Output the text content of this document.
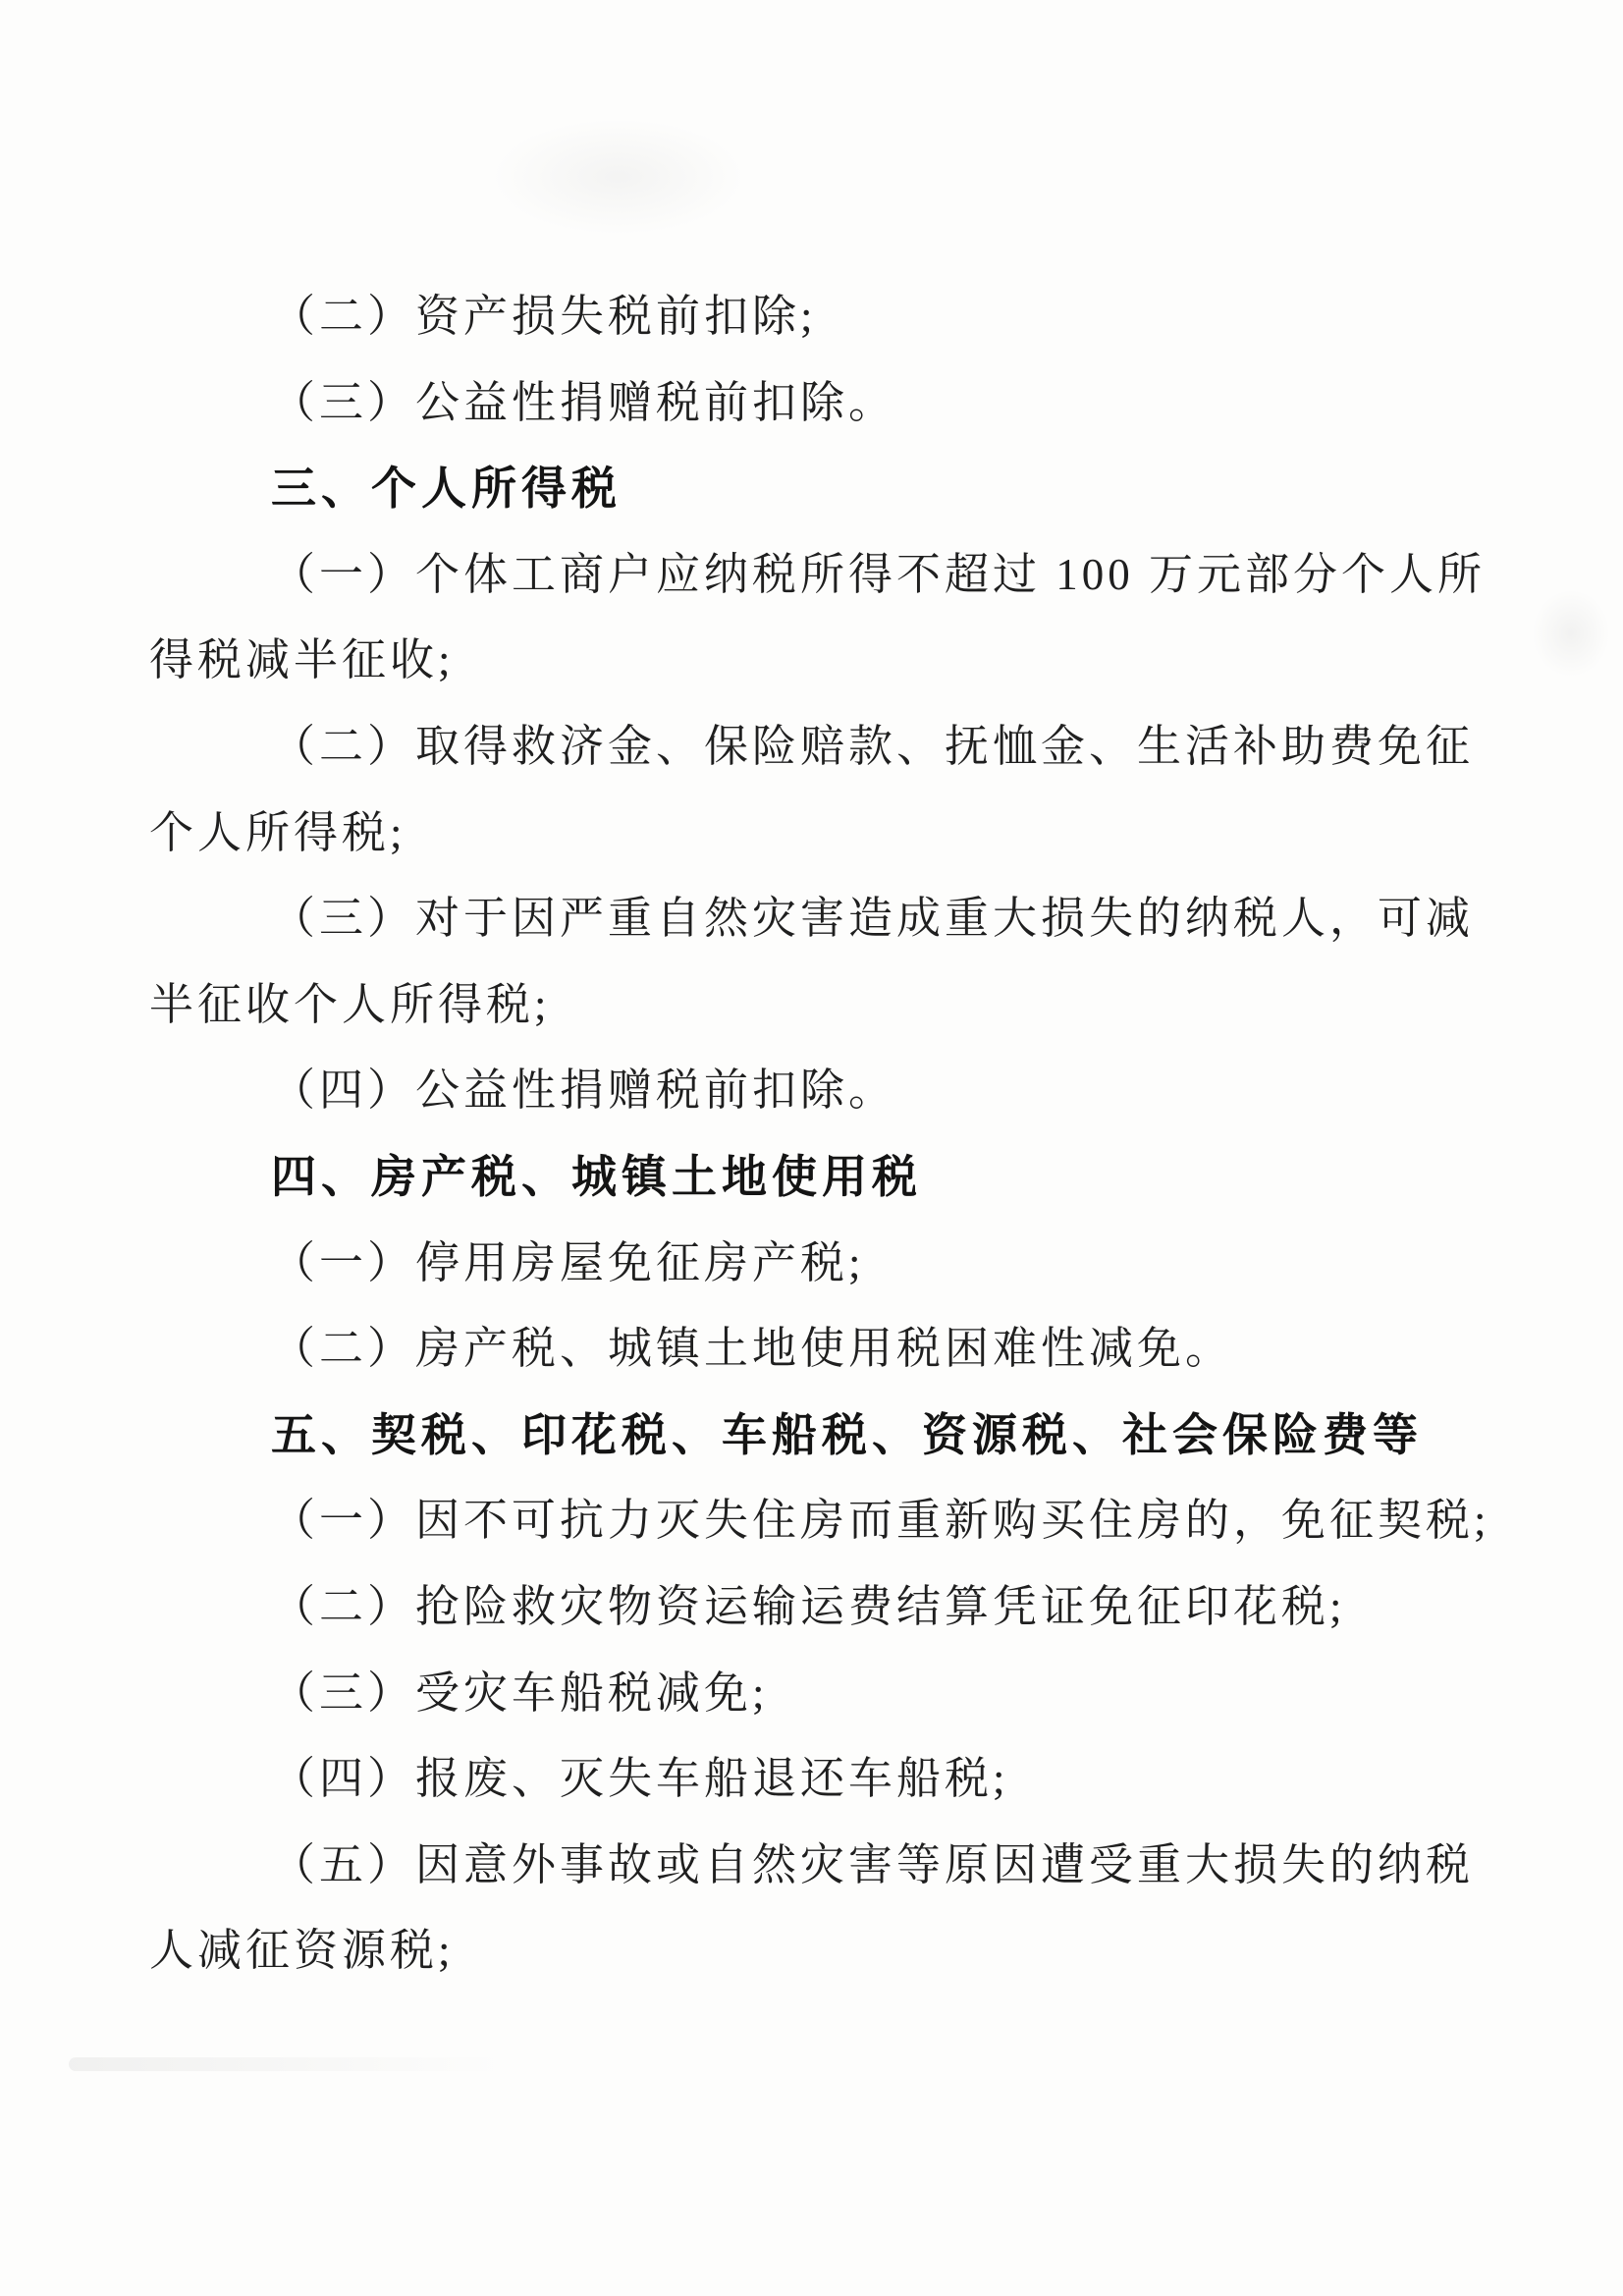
（二）资产损失税前扣除;
（三）公益性捐赠税前扣除。
三、个人所得税
（一）个体工商户应纳税所得不超过 100 万元部分个人所
得税减半征收;
（二）取得救济金、保险赔款、抚恤金、生活补助费免征
个人所得税;
（三）对于因严重自然灾害造成重大损失的纳税人，可减
半征收个人所得税;
（四）公益性捐赠税前扣除。
四、房产税、城镇土地使用税
（一）停用房屋免征房产税;
（二）房产税、城镇土地使用税困难性减免。
五、契税、印花税、车船税、资源税、社会保险费等
（一）因不可抗力灭失住房而重新购买住房的，免征契税;
（二）抢险救灾物资运输运费结算凭证免征印花税;
（三）受灾车船税减免;
（四）报废、灭失车船退还车船税;
（五）因意外事故或自然灾害等原因遭受重大损失的纳税
人减征资源税;
